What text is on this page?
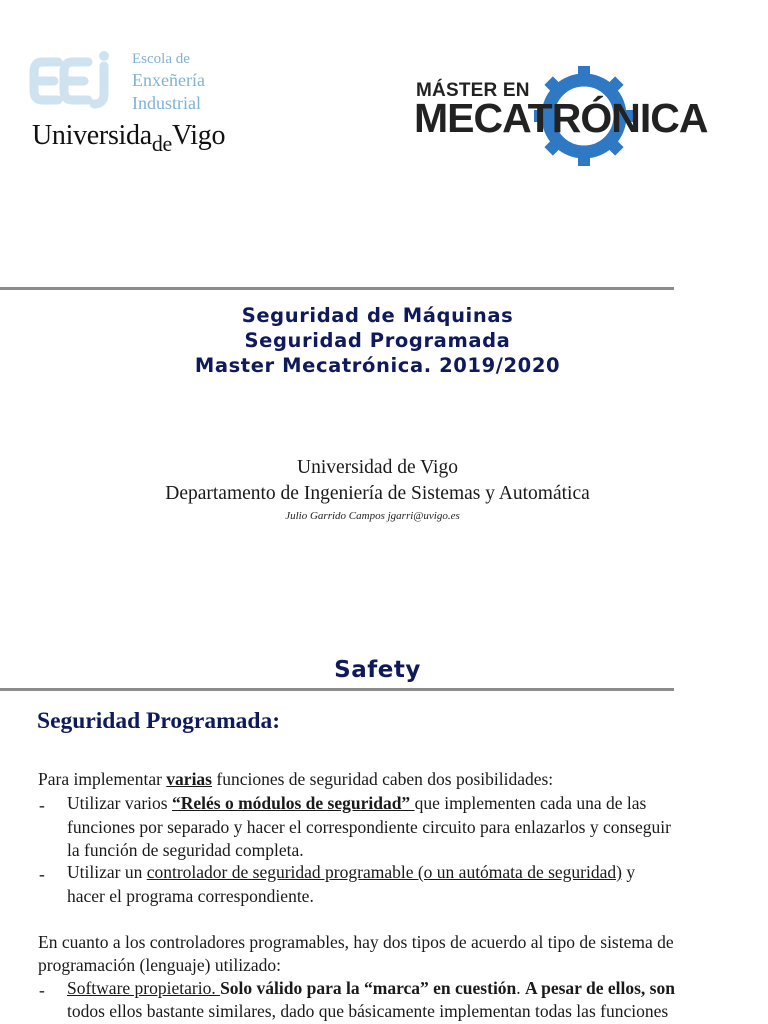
Escola de
Enxeñería
Industrial
Universida$_{de}$Vigo
MÁSTER EN
MECATRÓNICA
Seguridad de Máquinas
Seguridad Programada
Master Mecatrónica. 2019/2020
Universidad de Vigo
Departamento de Ingeniería de Sistemas y Automática
Julio Garrido Campos jgarri@uvigo.es
Safety
Seguridad Programada:
Para implementar varias funciones de seguridad caben dos posibilidades:
- Utilizar varios “Relés o módulos de seguridad” que implementen cada una de las
funciones por separado y hacer el correspondiente circuito para enlazarlos y conseguir
la función de seguridad completa.
- Utilizar un controlador de seguridad programable (o un autómata de seguridad) y
hacer el programa correspondiente.
En cuanto a los controladores programables, hay dos tipos de acuerdo al tipo de sistema de
programación (lenguaje) utilizado:
- Software propietario. Solo válido para la “marca” en cuestión. A pesar de ellos, son
todos ellos bastante similares, dado que básicamente implementan todas las funciones
